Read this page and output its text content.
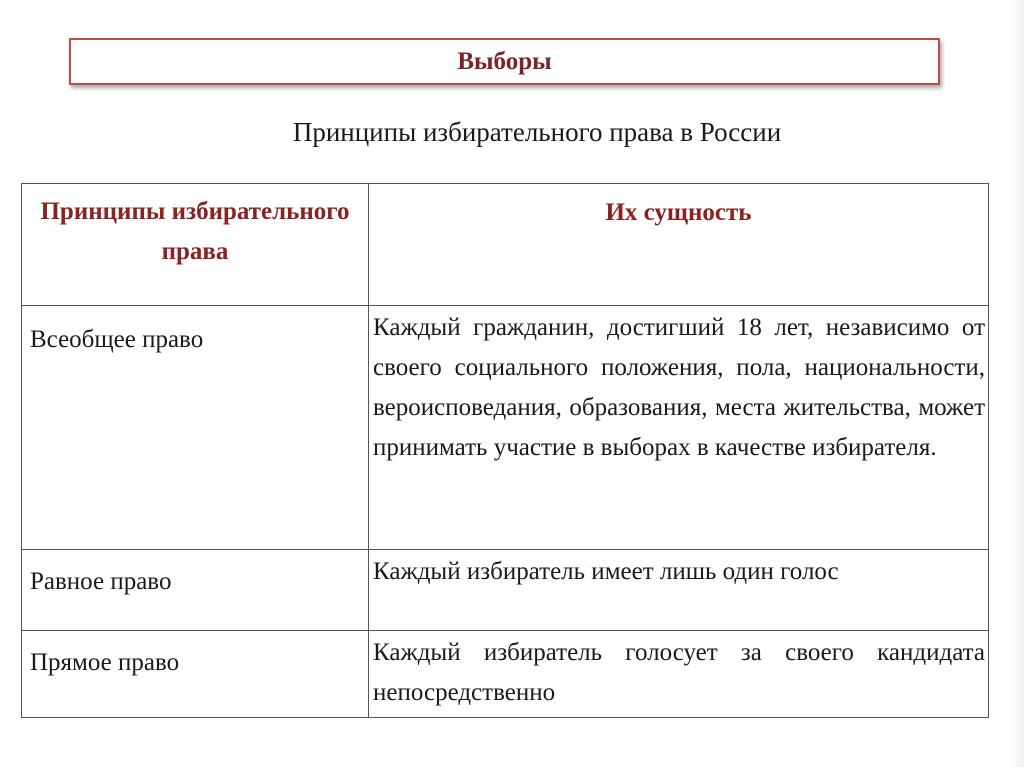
Выборы
Принципы избирательного права в России
Принципы избирательного права	Их сущность
Всеобщее право	Каждый гражданин, достигший 18 лет, независимо от своего социального положения, пола, национальности, вероисповедания, образования, места жительства, может принимать участие в выборах в качестве избирателя.
Равное право	Каждый избиратель имеет лишь один голос
Прямое право	Каждый избиратель голосует за своего кандидата непосредственно
